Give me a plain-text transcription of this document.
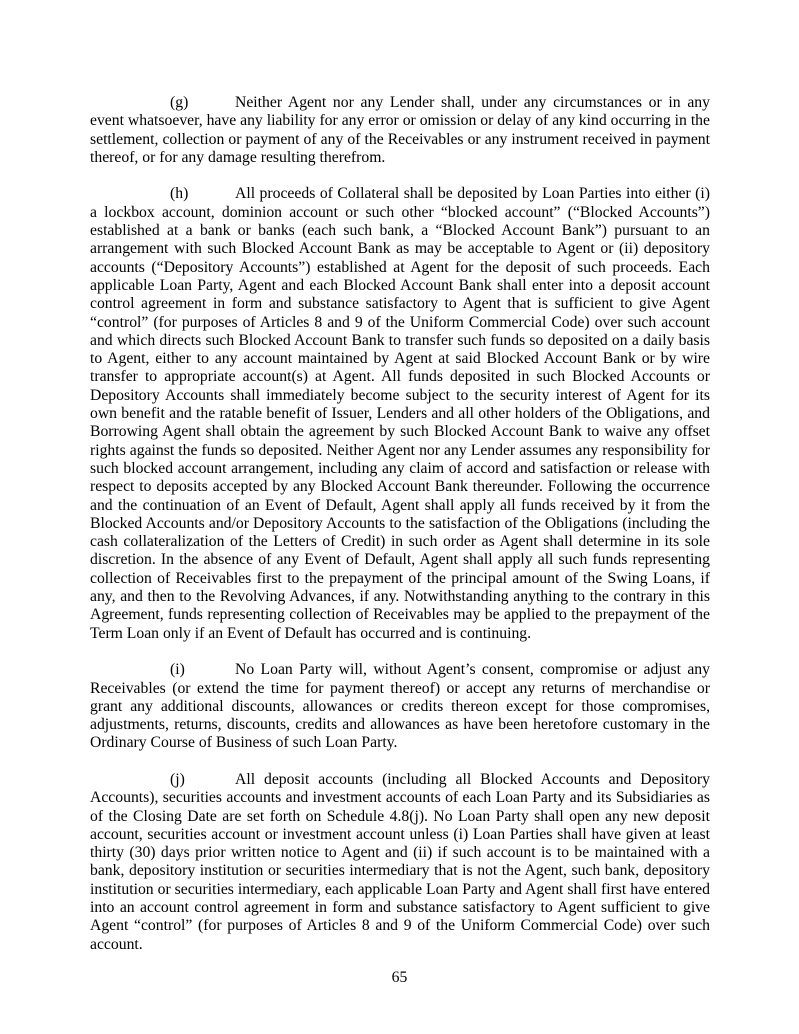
(g)	Neither Agent nor any Lender shall, under any circumstances or in any event whatsoever, have any liability for any error or omission or delay of any kind occurring in the settlement, collection or payment of any of the Receivables or any instrument received in payment thereof, or for any damage resulting therefrom.

(h)	All proceeds of Collateral shall be deposited by Loan Parties into either (i) a lockbox account, dominion account or such other “blocked account” (“Blocked Accounts”) established at a bank or banks (each such bank, a “Blocked Account Bank”) pursuant to an arrangement with such Blocked Account Bank as may be acceptable to Agent or (ii) depository accounts (“Depository Accounts”) established at Agent for the deposit of such proceeds. Each applicable Loan Party, Agent and each Blocked Account Bank shall enter into a deposit account control agreement in form and substance satisfactory to Agent that is sufficient to give Agent “control” (for purposes of Articles 8 and 9 of the Uniform Commercial Code) over such account and which directs such Blocked Account Bank to transfer such funds so deposited on a daily basis to Agent, either to any account maintained by Agent at said Blocked Account Bank or by wire transfer to appropriate account(s) at Agent. All funds deposited in such Blocked Accounts or Depository Accounts shall immediately become subject to the security interest of Agent for its own benefit and the ratable benefit of Issuer, Lenders and all other holders of the Obligations, and Borrowing Agent shall obtain the agreement by such Blocked Account Bank to waive any offset rights against the funds so deposited. Neither Agent nor any Lender assumes any responsibility for such blocked account arrangement, including any claim of accord and satisfaction or release with respect to deposits accepted by any Blocked Account Bank thereunder. Following the occurrence and the continuation of an Event of Default, Agent shall apply all funds received by it from the Blocked Accounts and/or Depository Accounts to the satisfaction of the Obligations (including the cash collateralization of the Letters of Credit) in such order as Agent shall determine in its sole discretion. In the absence of any Event of Default, Agent shall apply all such funds representing collection of Receivables first to the prepayment of the principal amount of the Swing Loans, if any, and then to the Revolving Advances, if any. Notwithstanding anything to the contrary in this Agreement, funds representing collection of Receivables may be applied to the prepayment of the Term Loan only if an Event of Default has occurred and is continuing.

(i)	No Loan Party will, without Agent’s consent, compromise or adjust any Receivables (or extend the time for payment thereof) or accept any returns of merchandise or grant any additional discounts, allowances or credits thereon except for those compromises, adjustments, returns, discounts, credits and allowances as have been heretofore customary in the Ordinary Course of Business of such Loan Party.

(j)	All deposit accounts (including all Blocked Accounts and Depository Accounts), securities accounts and investment accounts of each Loan Party and its Subsidiaries as of the Closing Date are set forth on Schedule 4.8(j). No Loan Party shall open any new deposit account, securities account or investment account unless (i) Loan Parties shall have given at least thirty (30) days prior written notice to Agent and (ii) if such account is to be maintained with a bank, depository institution or securities intermediary that is not the Agent, such bank, depository institution or securities intermediary, each applicable Loan Party and Agent shall first have entered into an account control agreement in form and substance satisfactory to Agent sufficient to give Agent “control” (for purposes of Articles 8 and 9 of the Uniform Commercial Code) over such account.

65
